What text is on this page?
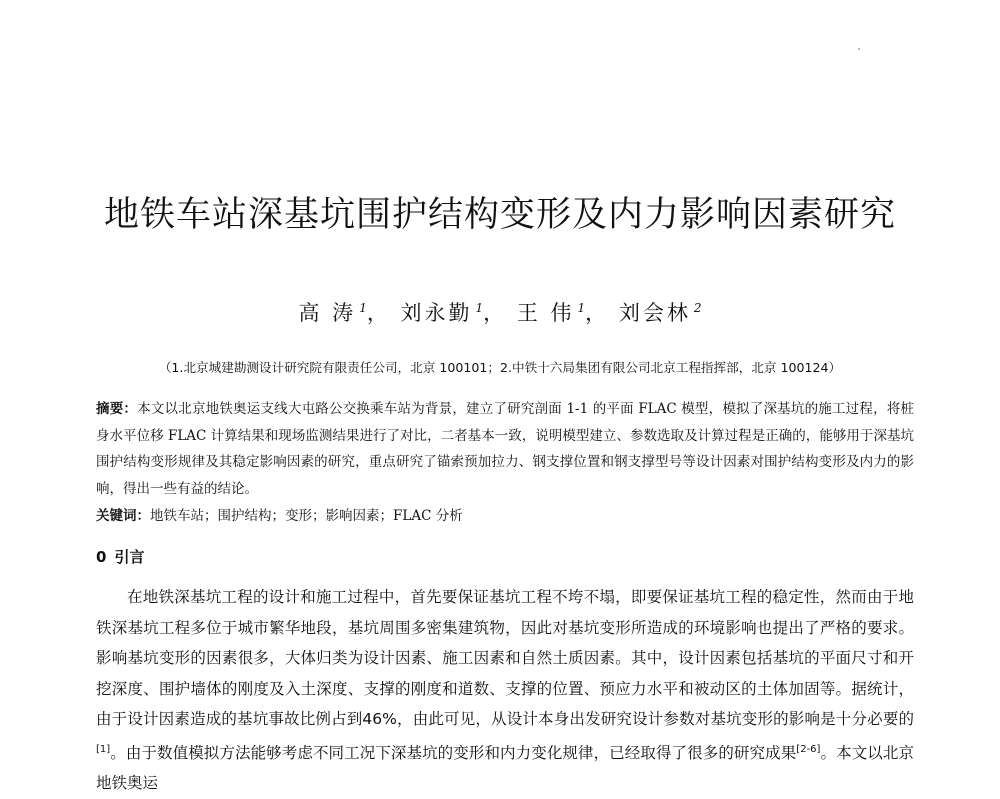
地铁车站深基坑围护结构变形及内力影响因素研究
高 涛 $^1$， 刘永勤 $^1$， 王 伟 $^1$， 刘会林 $^2$
（1.北京城建勘测设计研究院有限责任公司，北京 100101；2.中铁十六局集团有限公司北京工程指挥部，北京 100124）
摘要：本文以北京地铁奥运支线大屯路公交换乘车站为背景，建立了研究剖面 1-1 的平面 FLAC 模型，模拟了深基坑的施工过程，将桩身水平位移 FLAC 计算结果和现场监测结果进行了对比，二者基本一致，说明模型建立、参数选取及计算过程是正确的，能够用于深基坑围护结构变形规律及其稳定影响因素的研究，重点研究了锚索预加拉力、钢支撑位置和钢支撑型号等设计因素对围护结构变形及内力的影响，得出一些有益的结论。
关键词：地铁车站；围护结构；变形；影响因素；FLAC 分析
0 引言

在地铁深基坑工程的设计和施工过程中，首先要保证基坑工程不垮不塌，即要保证基坑工程的稳定性，然而由于地铁深基坑工程多位于城市繁华地段，基坑周围多密集建筑物，因此对基坑变形所造成的环境影响也提出了严格的要求。影响基坑变形的因素很多，大体归类为设计因素、施工因素和自然土质因素。其中，设计因素包括基坑的平面尺寸和开挖深度、围护墙体的刚度及入土深度、支撑的刚度和道数、支撑的位置、预应力水平和被动区的土体加固等。据统计，由于设计因素造成的基坑事故比例占到46%，由此可见，从设计本身出发研究设计参数对基坑变形的影响是十分必要的[1]。由于数值模拟方法能够考虑不同工况下深基坑的变形和内力变化规律，已经取得了很多的研究成果[2-6]。本文以北京地铁奥运
